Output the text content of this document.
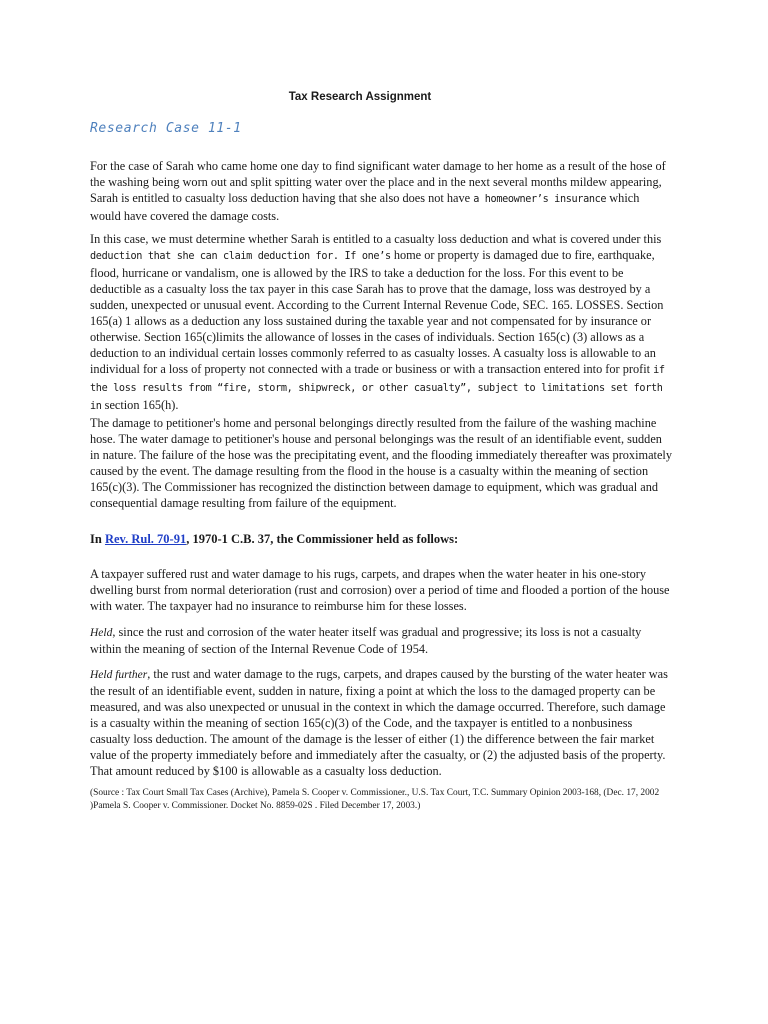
Tax Research Assignment
Research Case 11-1

For the case of Sarah who came home one day to find significant water damage to her home as a result of the hose of the washing being worn out and split spitting water over the place and in the next several months mildew appearing, Sarah is entitled to casualty loss deduction having that she also does not have a homeowner’s insurance which would have covered the damage costs.

In this case, we must determine whether Sarah is entitled to a casualty loss deduction and what is covered under this deduction that she can claim deduction for. If one’s home or property is damaged due to fire, earthquake, flood, hurricane or vandalism, one is allowed by the IRS to take a deduction for the loss. For this event to be deductible as a casualty loss the tax payer in this case Sarah has to prove that the damage, loss was destroyed by a sudden, unexpected or unusual event. According to the Current Internal Revenue Code, SEC. 165. LOSSES. Section 165(a) 1 allows as a deduction any loss sustained during the taxable year and not compensated for by insurance or otherwise. Section 165(c)limits the allowance of losses in the cases of individuals. Section 165(c) (3) allows as a deduction to an individual certain losses commonly referred to as casualty losses. A casualty loss is allowable to an individual for a loss of property not connected with a trade or business or with a transaction entered into for profit if the loss results from “fire, storm, shipwreck, or other casualty”, subject to limitations set forth in section 165(h).

The damage to petitioner's home and personal belongings directly resulted from the failure of the washing machine hose. The water damage to petitioner's house and personal belongings was the result of an identifiable event, sudden in nature. The failure of the hose was the precipitating event, and the flooding immediately thereafter was proximately caused by the event. The damage resulting from the flood in the house is a casualty within the meaning of section 165(c)(3). The Commissioner has recognized the distinction between damage to equipment, which was gradual and consequential damage resulting from failure of the equipment.

In Rev. Rul. 70-91, 1970-1 C.B. 37, the Commissioner held as follows:

A taxpayer suffered rust and water damage to his rugs, carpets, and drapes when the water heater in his one-story dwelling burst from normal deterioration (rust and corrosion) over a period of time and flooded a portion of the house with water. The taxpayer had no insurance to reimburse him for these losses.

Held, since the rust and corrosion of the water heater itself was gradual and progressive; its loss is not a casualty within the meaning of section of the Internal Revenue Code of 1954.

Held further, the rust and water damage to the rugs, carpets, and drapes caused by the bursting of the water heater was the result of an identifiable event, sudden in nature, fixing a point at which the loss to the damaged property can be measured, and was also unexpected or unusual in the context in which the damage occurred. Therefore, such damage is a casualty within the meaning of section 165(c)(3) of the Code, and the taxpayer is entitled to a nonbusiness casualty loss deduction. The amount of the damage is the lesser of either (1) the difference between the fair market value of the property immediately before and immediately after the casualty, or (2) the adjusted basis of the property. That amount reduced by $100 is allowable as a casualty loss deduction.

(Source : Tax Court Small Tax Cases (Archive), Pamela S. Cooper v. Commissioner., U.S. Tax Court, T.C. Summary Opinion 2003-168, (Dec. 17, 2002 )Pamela S. Cooper v. Commissioner. Docket No. 8859-02S . Filed December 17, 2003.)
